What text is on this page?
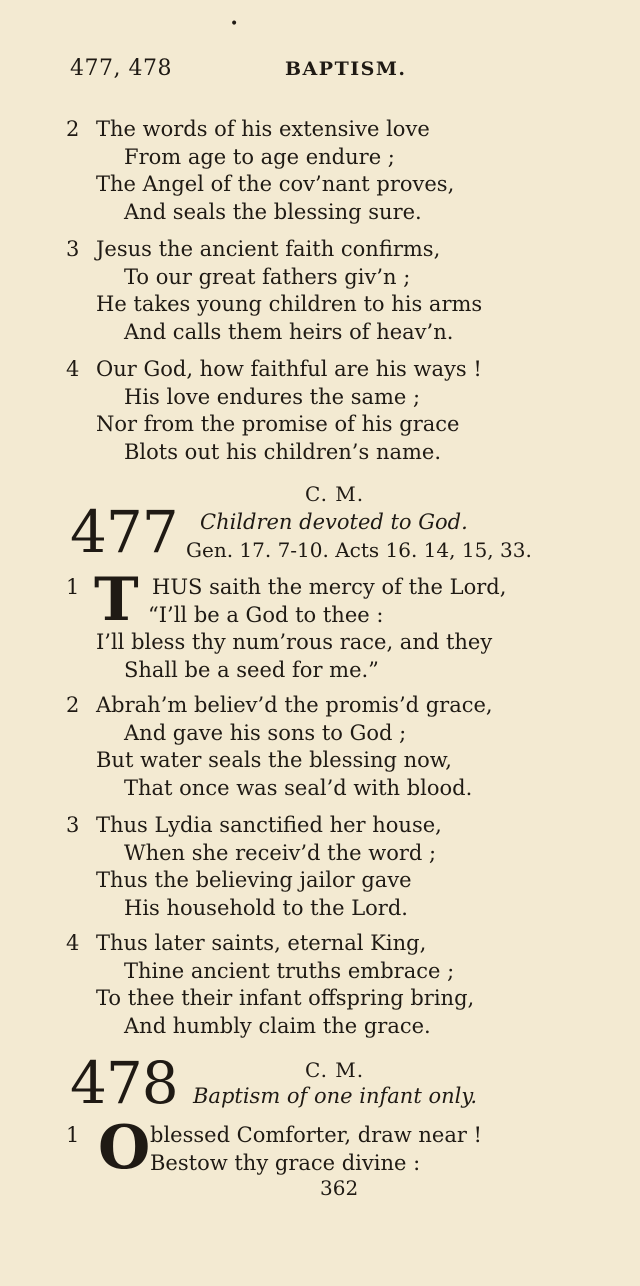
•
477, 478	BAPTISM.
2 The words of his extensive love
From age to age endure ;
The Angel of the cov’nant proves,
And seals the blessing sure.
3 Jesus the ancient faith confirms,
To our great fathers giv’n ;
He takes young children to his arms
And calls them heirs of heav’n.
4 Our God, how faithful are his ways !
His love endures the same ;
Nor from the promise of his grace
Blots out his children’s name.
C. M.
477 Children devoted to God.
Gen. 17. 7-10. Acts 16. 14, 15, 33.
1	HUS saith the mercy of the Lord,
“I’ll be a God to thee :
I’ll bless thy num’rous race, and they
Shall be a seed for me.”
T
2 Abrah’m believ’d the promis’d grace,
And gave his sons to God ;
But water seals the blessing now,
That once was seal’d with blood.
3 Thus Lydia sanctified her house,
When she receiv’d the word ;
Thus the believing jailor gave
His household to the Lord.
4 Thus later saints, eternal King,
Thine ancient truths embrace ;
To thee their infant offspring bring,
And humbly claim the grace.
478	C. M.
Baptism of one infant only.
1	blessed Comforter, draw near !
Bestow thy grace divine :
O
362
